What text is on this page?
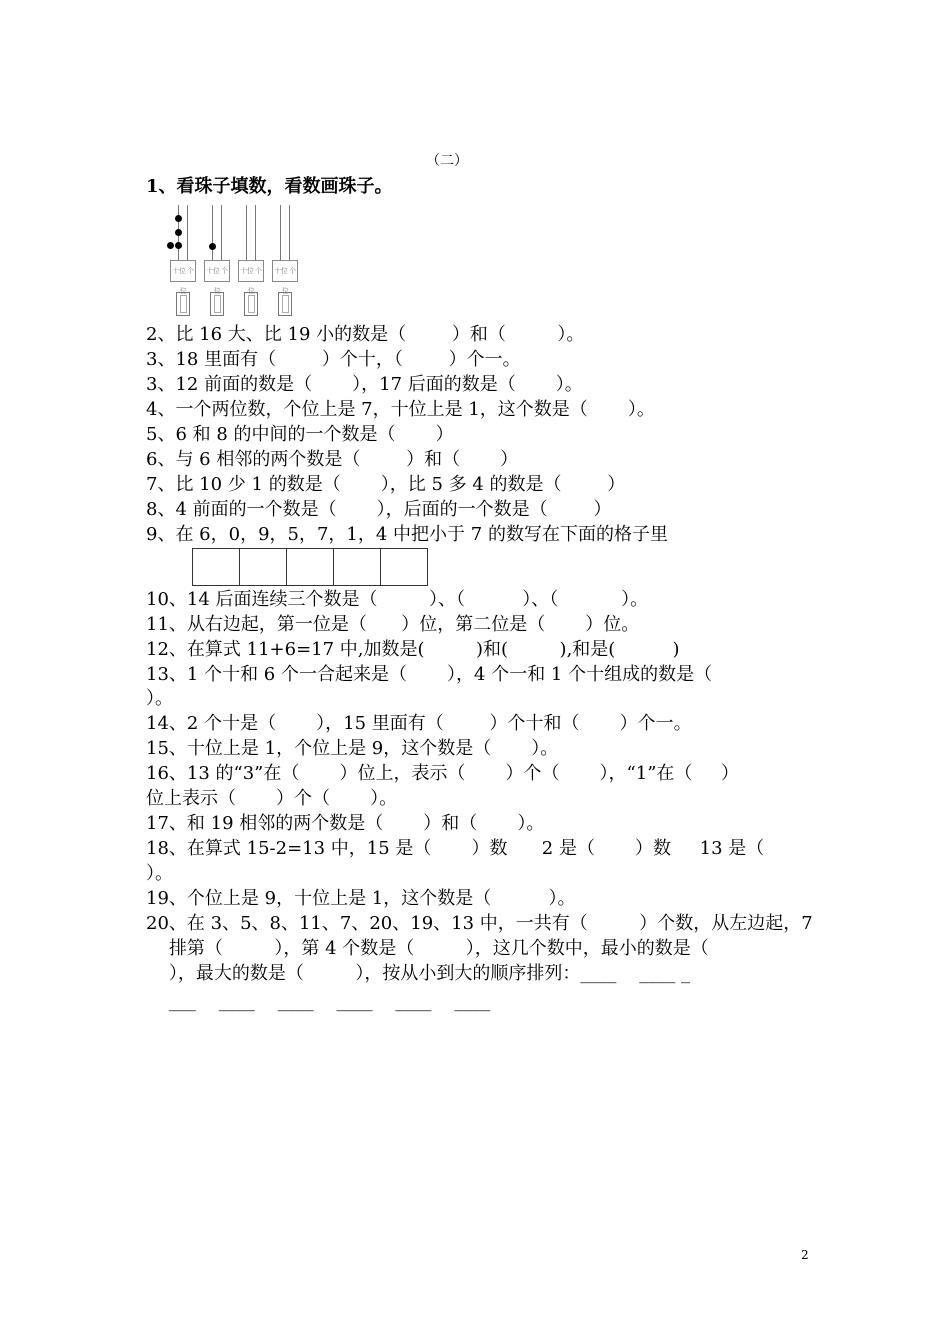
（二）
1、看珠子填数，看数画珠子。
十位 个位
十位 个位
十位 个位
十位 个位
2、比 16 大、比 19 小的数是（        ）和（         ）。
3、18 里面有（        ）个十，（        ）个一。
3、12 前面的数是（       ），17 后面的数是（       ）。
4、一个两位数，个位上是 7，十位上是 1，这个数是（       ）。
5、6 和 8 的中间的一个数是（       ）
6、与 6 相邻的两个数是（        ）和（       ）
7、比 10 少 1 的数是（       ），比 5 多 4 的数是（        ）
8、4 前面的一个数是（       ），后面的一个数是（        ）
9、在 6，0，9，5，7，1，4 中把小于 7 的数写在下面的格子里
10、14 后面连续三个数是（         ）、（          ）、（           ）。
11、从右边起，第一位是（      ）位，第二位是（       ）位。
12、在算式 11+6=17 中,加数是(         )和(         ),和是(          )
13、1 个十和 6 个一合起来是（       ），4 个一和 1 个十组成的数是（
）。
14、2 个十是（       ），15 里面有（        ）个十和（       ）个一。
15、十位上是 1，个位上是 9，这个数是（       ）。
16、13 的“3”在（       ）位上，表示（       ）个（       ），“1”在（     ）
位上表示（       ）个（       ）。
17、和 19 相邻的两个数是（       ）和（       ）。
18、在算式 15-2=13 中，15 是（       ）数      2 是（       ）数     13 是（
）。
19、个位上是 9，十位上是 1，这个数是（          ）。
20、在 3、5、8、11、7、20、19、13 中，一共有（         ）个数，从左边起，7
排第（         ），第 4 个数是（         ），这几个数中，最小的数是（
），最大的数是（         ），按从小到大的顺序排列：____    ____ _
___    ____    ____    ____    ____    ____
2
